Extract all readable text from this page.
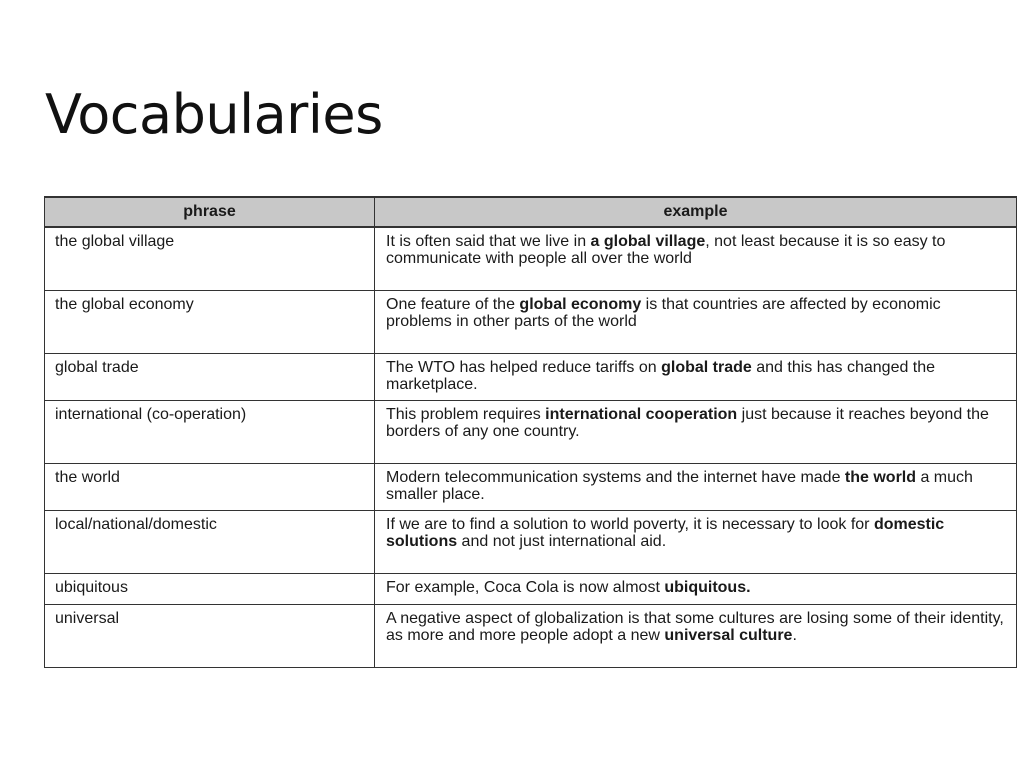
Vocabularies
phrase	example
the global village	It is often said that we live in a global village, not least because it is so easy to communicate with people all over the world
the global economy	One feature of the global economy is that countries are affected by economic problems in other parts of the world
global trade	The WTO has helped reduce tariffs on global trade and this has changed the marketplace.
international (co-operation)	This problem requires international cooperation just because it reaches beyond the borders of any one country.
the world	Modern telecommunication systems and the internet have made the world a much smaller place.
local/national/domestic	If we are to find a solution to world poverty, it is necessary to look for domestic solutions and not just international aid.
ubiquitous	For example, Coca Cola is now almost ubiquitous.
universal	A negative aspect of globalization is that some cultures are losing some of their identity, as more and more people adopt a new universal culture.
